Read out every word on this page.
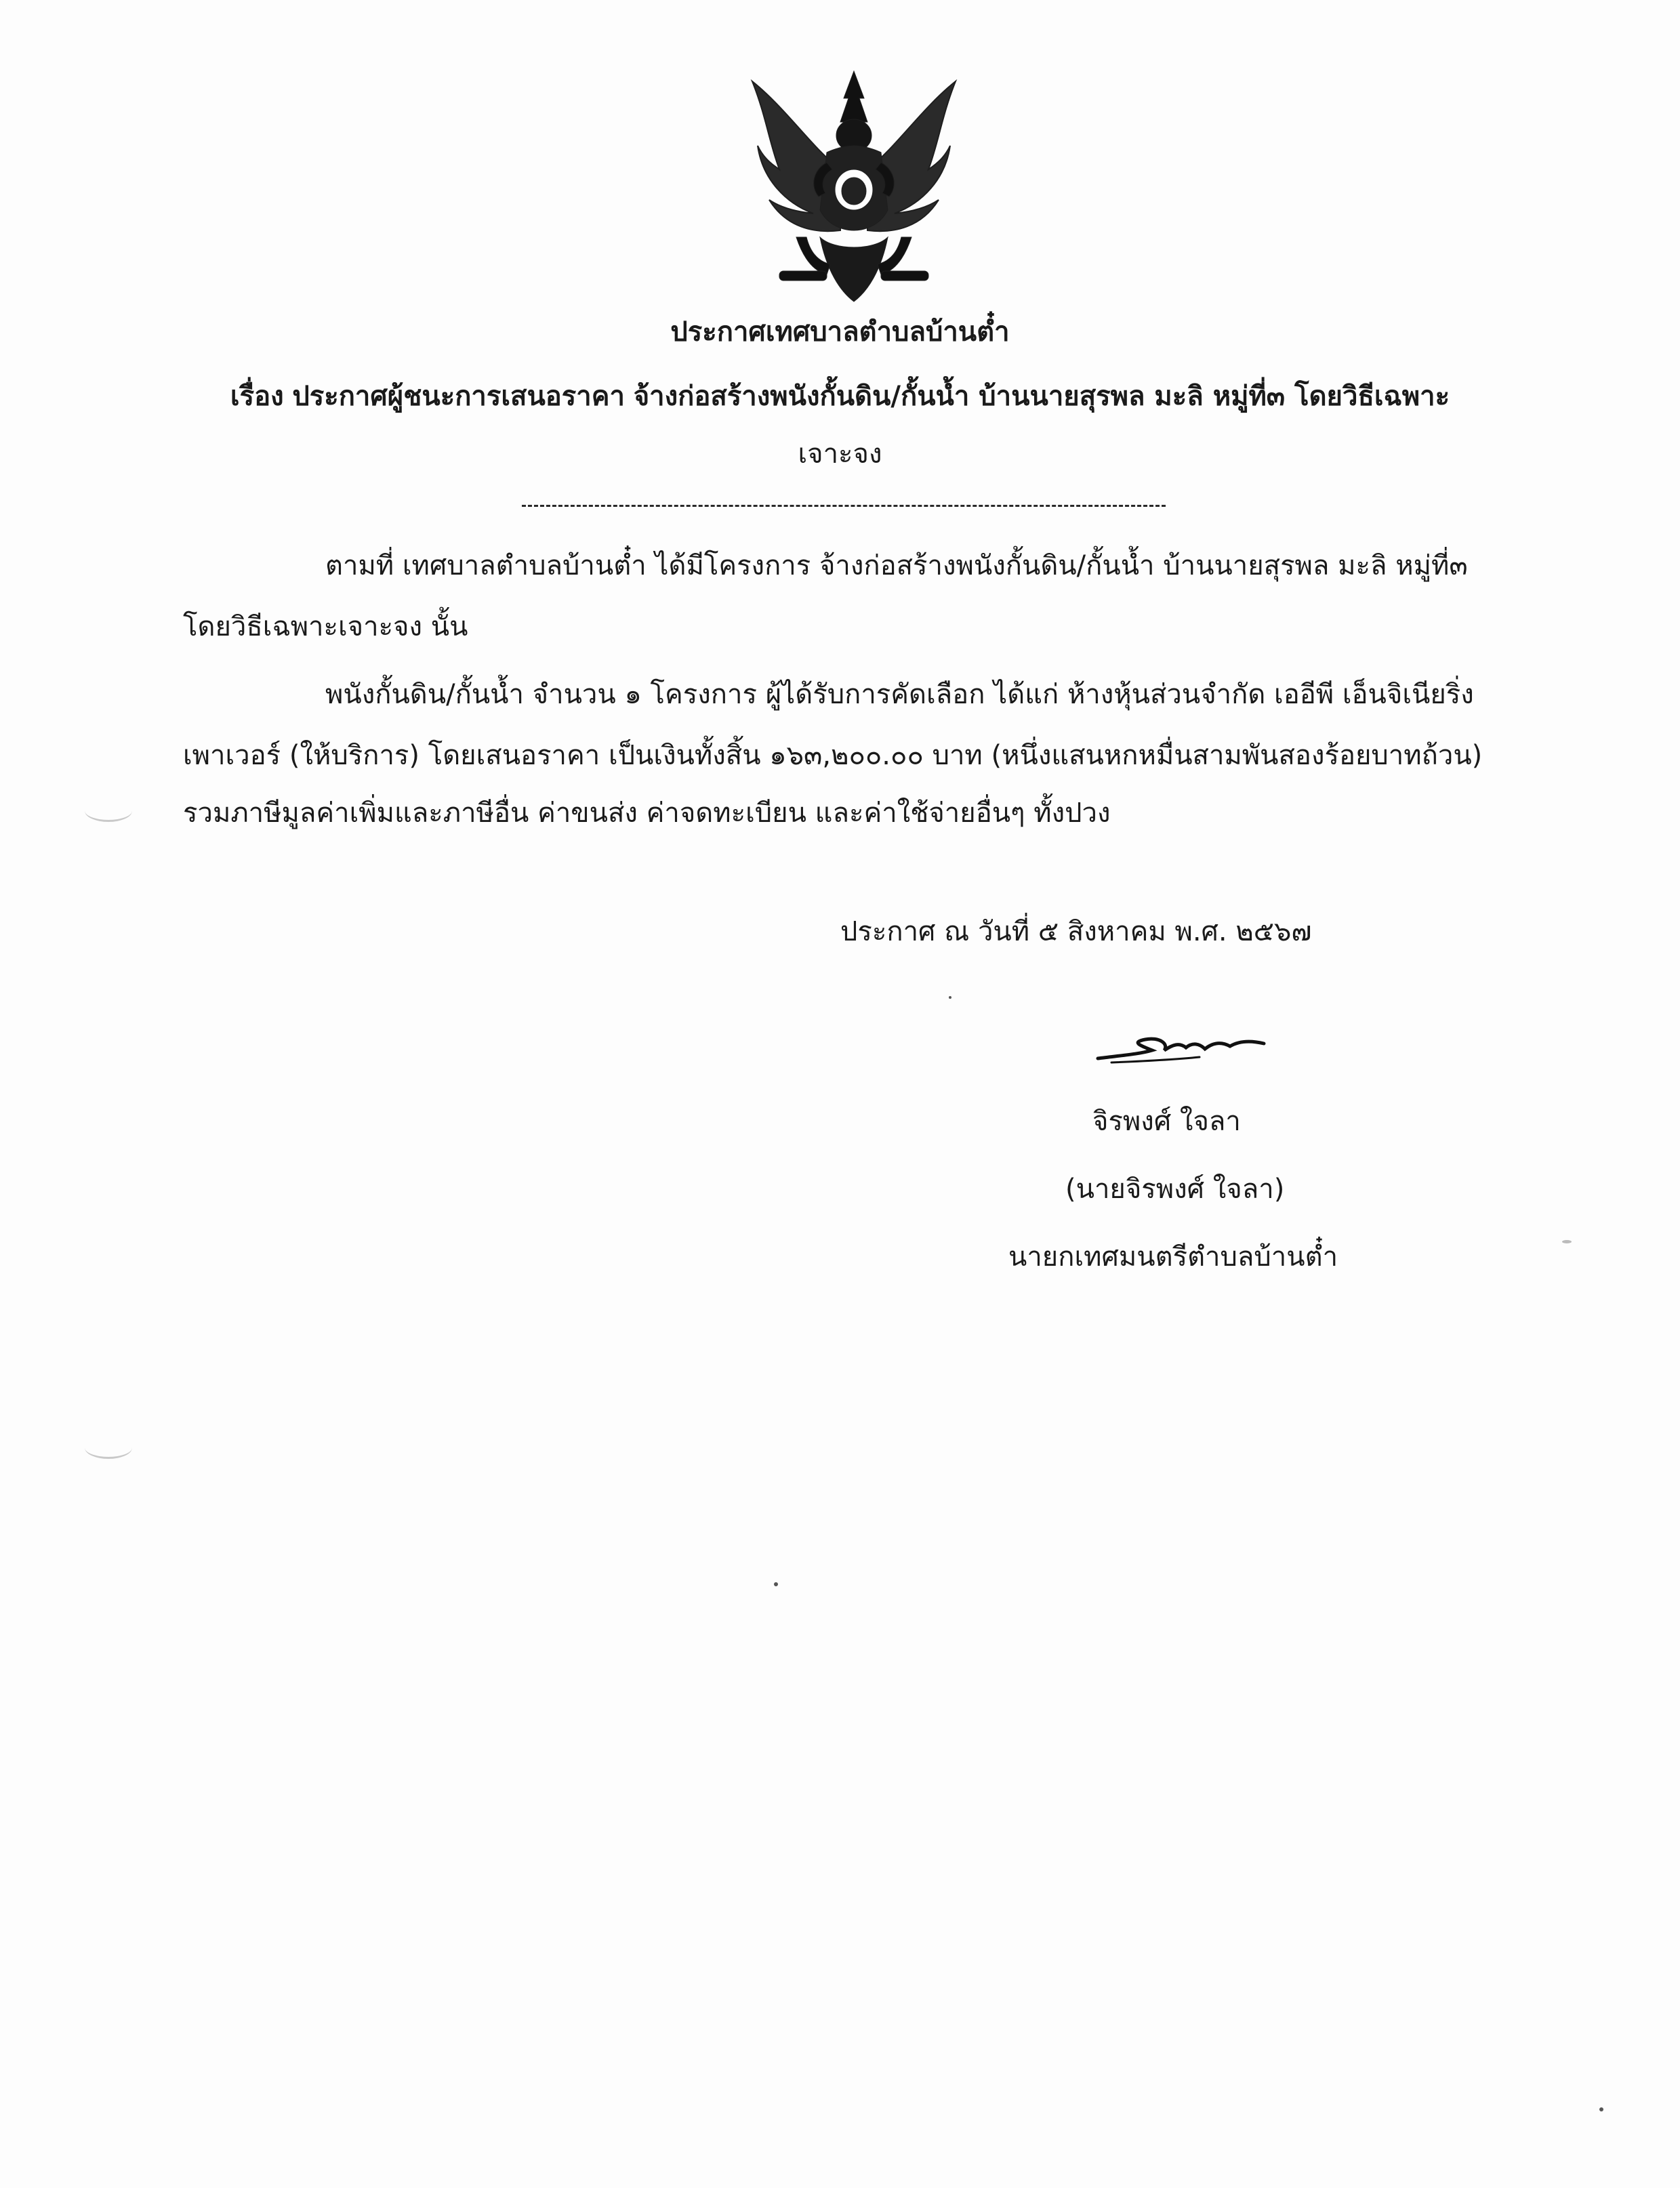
ประกาศเทศบาลตำบลบ้านต๋ำ
เรื่อง ประกาศผู้ชนะการเสนอราคา จ้างก่อสร้างพนังกั้นดิน/กั้นน้ำ บ้านนายสุรพล มะลิ หมู่ที่๓ โดยวิธีเฉพาะ
เจาะจง
ตามที่ เทศบาลตำบลบ้านต๋ำ ได้มีโครงการ จ้างก่อสร้างพนังกั้นดิน/กั้นน้ำ บ้านนายสุรพล มะลิ หมู่ที่๓
โดยวิธีเฉพาะเจาะจง นั้น
พนังกั้นดิน/กั้นน้ำ จำนวน ๑ โครงการ ผู้ได้รับการคัดเลือก ได้แก่ ห้างหุ้นส่วนจำกัด เออีพี เอ็นจิเนียริ่ง
เพาเวอร์ (ให้บริการ) โดยเสนอราคา เป็นเงินทั้งสิ้น ๑๖๓,๒๐๐.๐๐ บาท (หนึ่งแสนหกหมื่นสามพันสองร้อยบาทถ้วน)
รวมภาษีมูลค่าเพิ่มและภาษีอื่น ค่าขนส่ง ค่าจดทะเบียน และค่าใช้จ่ายอื่นๆ ทั้งปวง
ประกาศ ณ วันที่ ๕ สิงหาคม พ.ศ. ๒๕๖๗
จิรพงศ์ ใจลา
(นายจิรพงศ์ ใจลา)
นายกเทศมนตรีตำบลบ้านต๋ำ
